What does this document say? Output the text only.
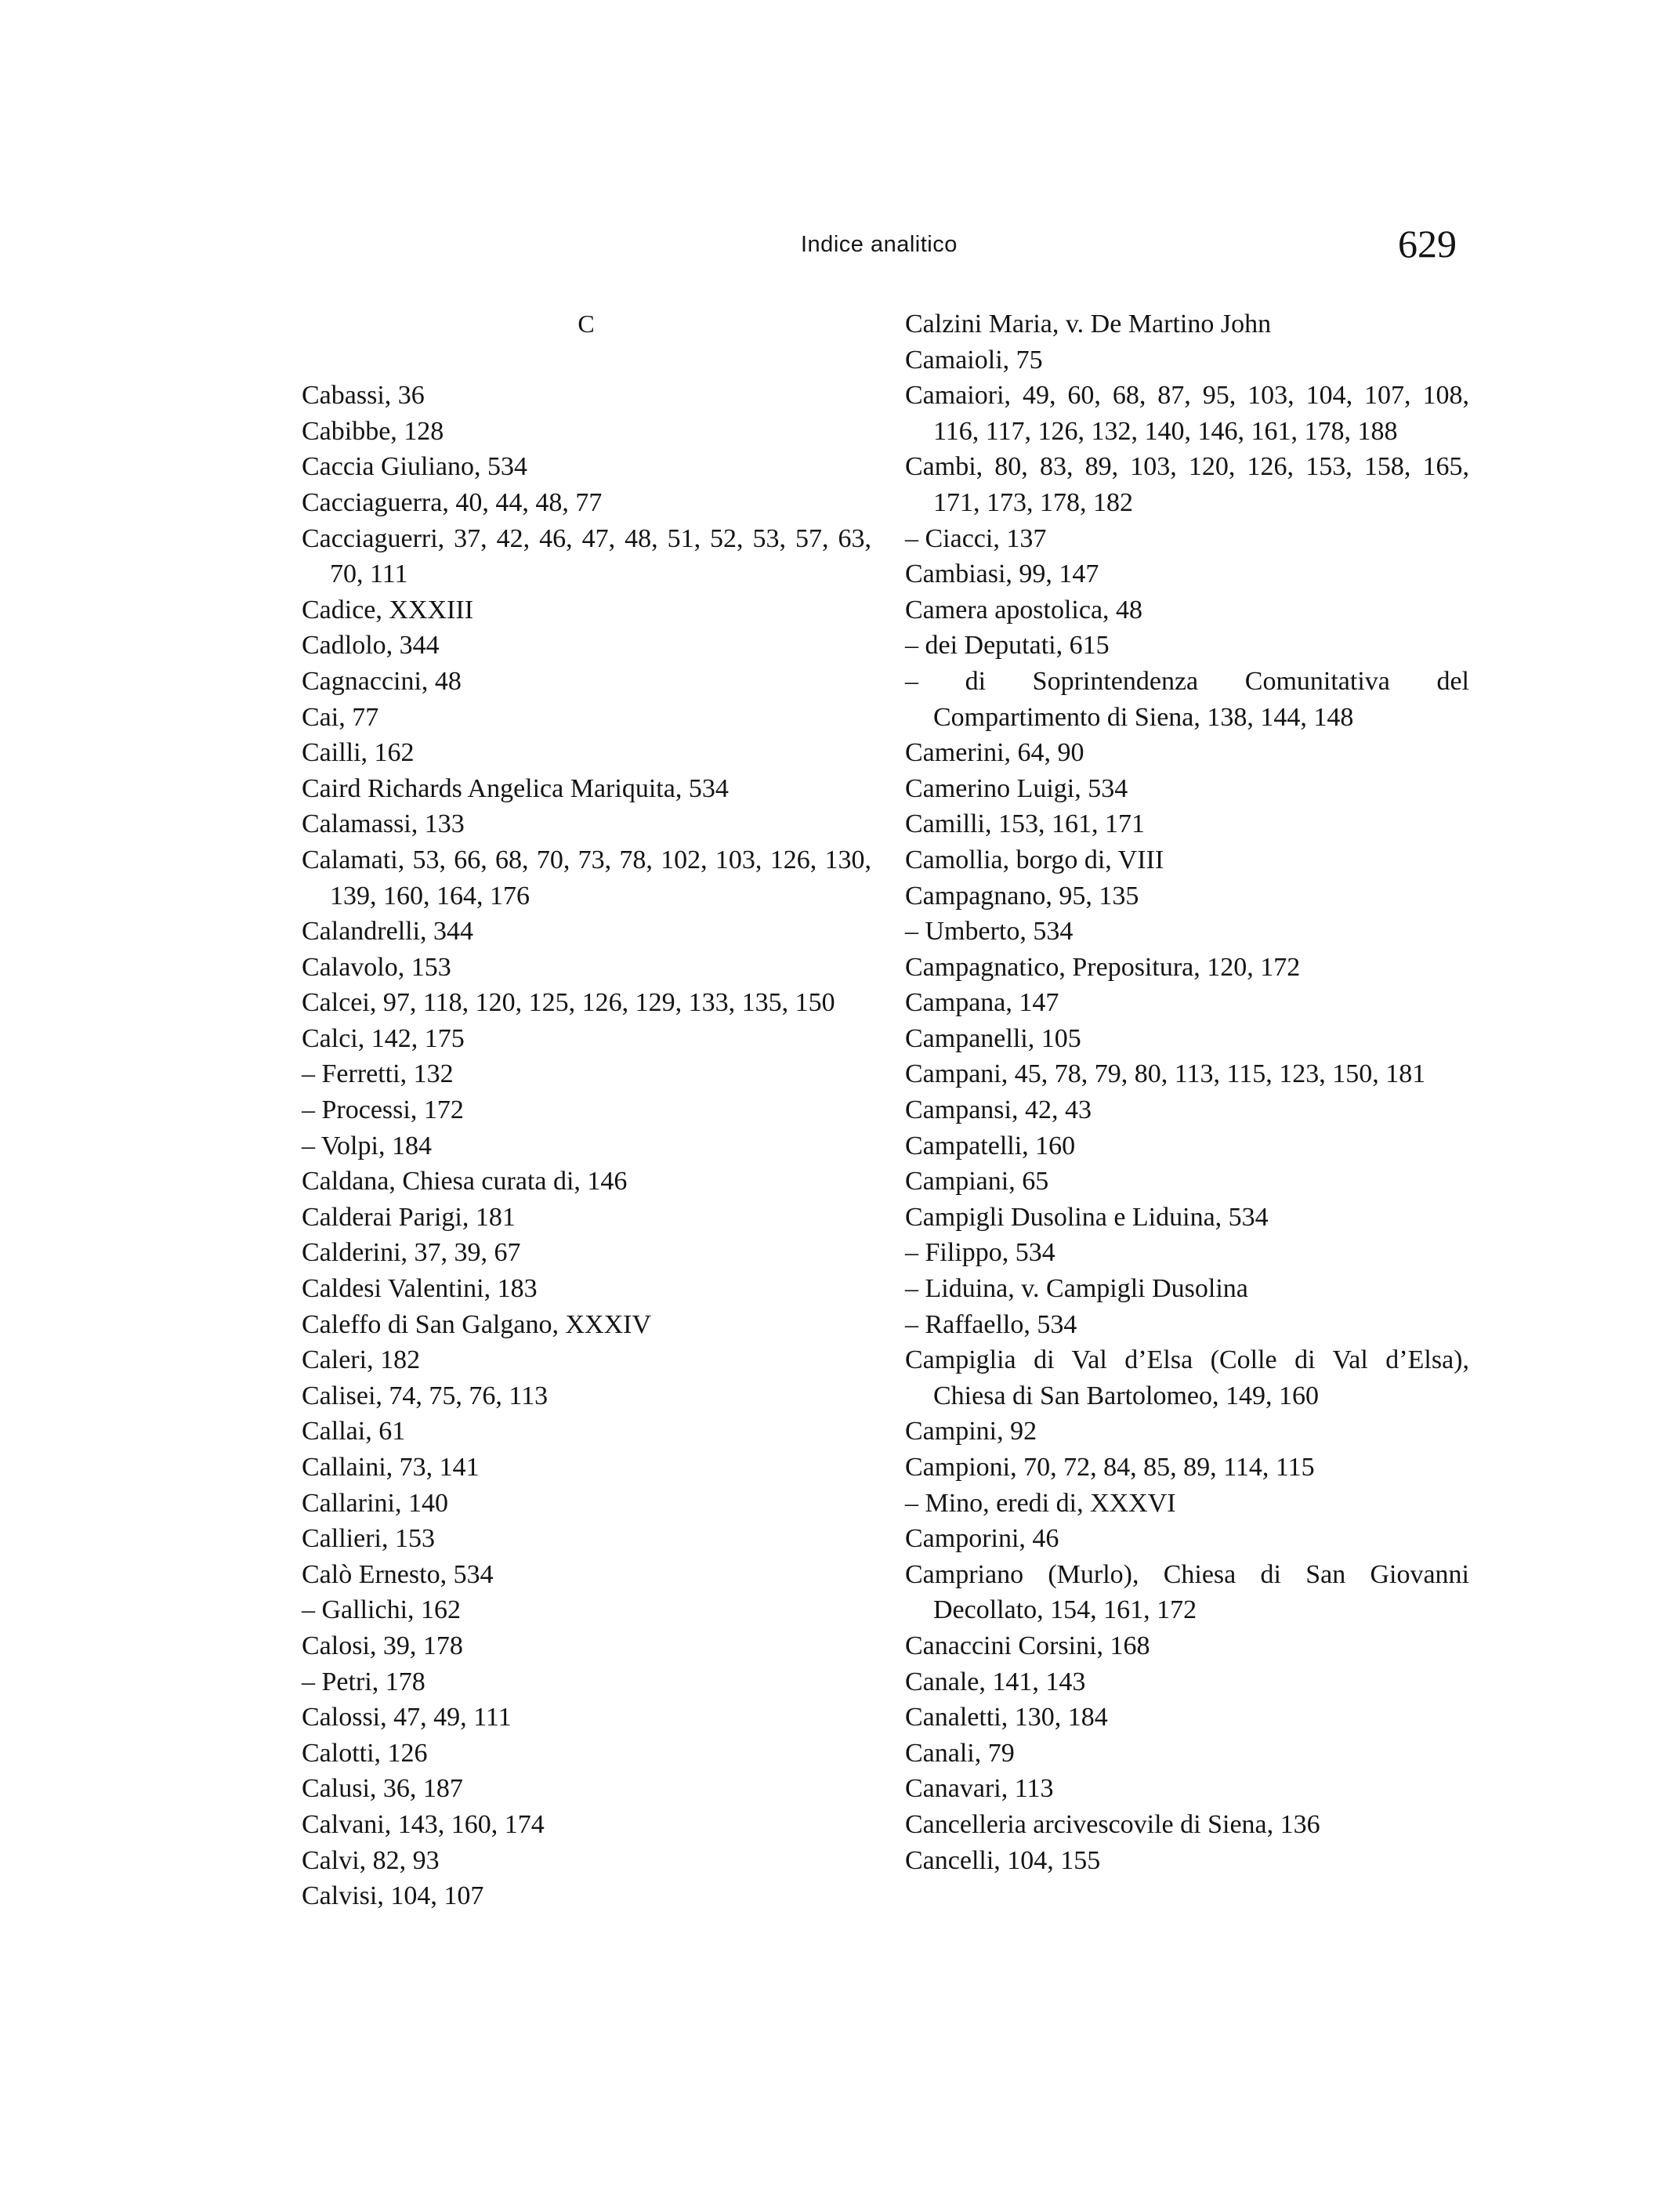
Indice analitico	629
C

Cabassi, 36

Cabibbe, 128

Caccia Giuliano, 534

Cacciaguerra, 40, 44, 48, 77

Cacciaguerri, 37, 42, 46, 47, 48, 51, 52, 53, 57, 63, 70, 111

Cadice, XXXIII

Cadlolo, 344

Cagnaccini, 48

Cai, 77

Cailli, 162

Caird Richards Angelica Mariquita, 534

Calamassi, 133

Calamati, 53, 66, 68, 70, 73, 78, 102, 103, 126, 130, 139, 160, 164, 176

Calandrelli, 344

Calavolo, 153

Calcei, 97, 118, 120, 125, 126, 129, 133, 135, 150

Calci, 142, 175

– Ferretti, 132

– Processi, 172

– Volpi, 184

Caldana, Chiesa curata di, 146

Calderai Parigi, 181

Calderini, 37, 39, 67

Caldesi Valentini, 183

Caleffo di San Galgano, XXXIV

Caleri, 182

Calisei, 74, 75, 76, 113

Callai, 61

Callaini, 73, 141

Callarini, 140

Callieri, 153

Calò Ernesto, 534

– Gallichi, 162

Calosi, 39, 178

– Petri, 178

Calossi, 47, 49, 111

Calotti, 126

Calusi, 36, 187

Calvani, 143, 160, 174

Calvi, 82, 93

Calvisi, 104, 107

Calzini Maria, v. De Martino John

Camaioli, 75

Camaiori, 49, 60, 68, 87, 95, 103, 104, 107, 108, 116, 117, 126, 132, 140, 146, 161, 178, 188

Cambi, 80, 83, 89, 103, 120, 126, 153, 158, 165, 171, 173, 178, 182

– Ciacci, 137

Cambiasi, 99, 147

Camera apostolica, 48

– dei Deputati, 615

– di Soprintendenza Comunitativa del Compartimento di Siena, 138, 144, 148

Camerini, 64, 90

Camerino Luigi, 534

Camilli, 153, 161, 171

Camollia, borgo di, VIII

Campagnano, 95, 135

– Umberto, 534

Campagnatico, Prepositura, 120, 172

Campana, 147

Campanelli, 105

Campani, 45, 78, 79, 80, 113, 115, 123, 150, 181

Campansi, 42, 43

Campatelli, 160

Campiani, 65

Campigli Dusolina e Liduina, 534

– Filippo, 534

– Liduina, v. Campigli Dusolina

– Raffaello, 534

Campiglia di Val d’Elsa (Colle di Val d’Elsa), Chiesa di San Bartolomeo, 149, 160

Campini, 92

Campioni, 70, 72, 84, 85, 89, 114, 115

– Mino, eredi di, XXXVI

Camporini, 46

Campriano (Murlo), Chiesa di San Giovanni Decollato, 154, 161, 172

Canaccini Corsini, 168

Canale, 141, 143

Canaletti, 130, 184

Canali, 79

Canavari, 113

Cancelleria arcivescovile di Siena, 136

Cancelli, 104, 155
